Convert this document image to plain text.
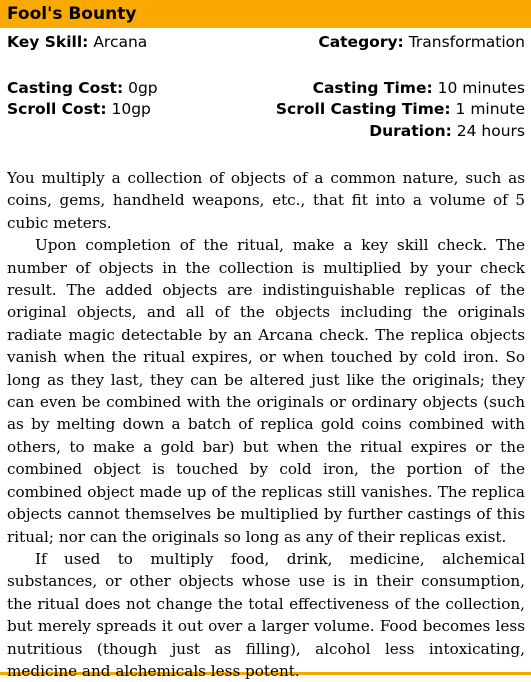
Fool's Bounty
Key Skill: Arcana	Category: Transformation
Casting Cost: 0gp	Casting Time: 10 minutes
Scroll Cost: 10gp	Scroll Casting Time: 1 minute
Duration: 24 hours

You multiply a collection of objects of a common nature, such as coins, gems, handheld weapons, etc., that fit into a volume of 5 cubic meters.

Upon completion of the ritual, make a key skill check. The number of objects in the collection is multiplied by your check result. The added objects are indistinguishable replicas of the original objects, and all of the objects including the originals radiate magic detectable by an Arcana check. The replica objects vanish when the ritual expires, or when touched by cold iron. So long as they last, they can be altered just like the originals; they can even be combined with the originals or ordinary objects (such as by melting down a batch of replica gold coins combined with others, to make a gold bar) but when the ritual expires or the combined object is touched by cold iron, the portion of the combined object made up of the replicas still vanishes. The replica objects cannot themselves be multiplied by further castings of this ritual; nor can the originals so long as any of their replicas exist.

If used to multiply food, drink, medicine, alchemical substances, or other objects whose use is in their consumption, the ritual does not change the total effectiveness of the collection, but merely spreads it out over a larger volume. Food becomes less nutritious (though just as filling), alcohol less intoxicating, medicine and alchemicals less potent.
